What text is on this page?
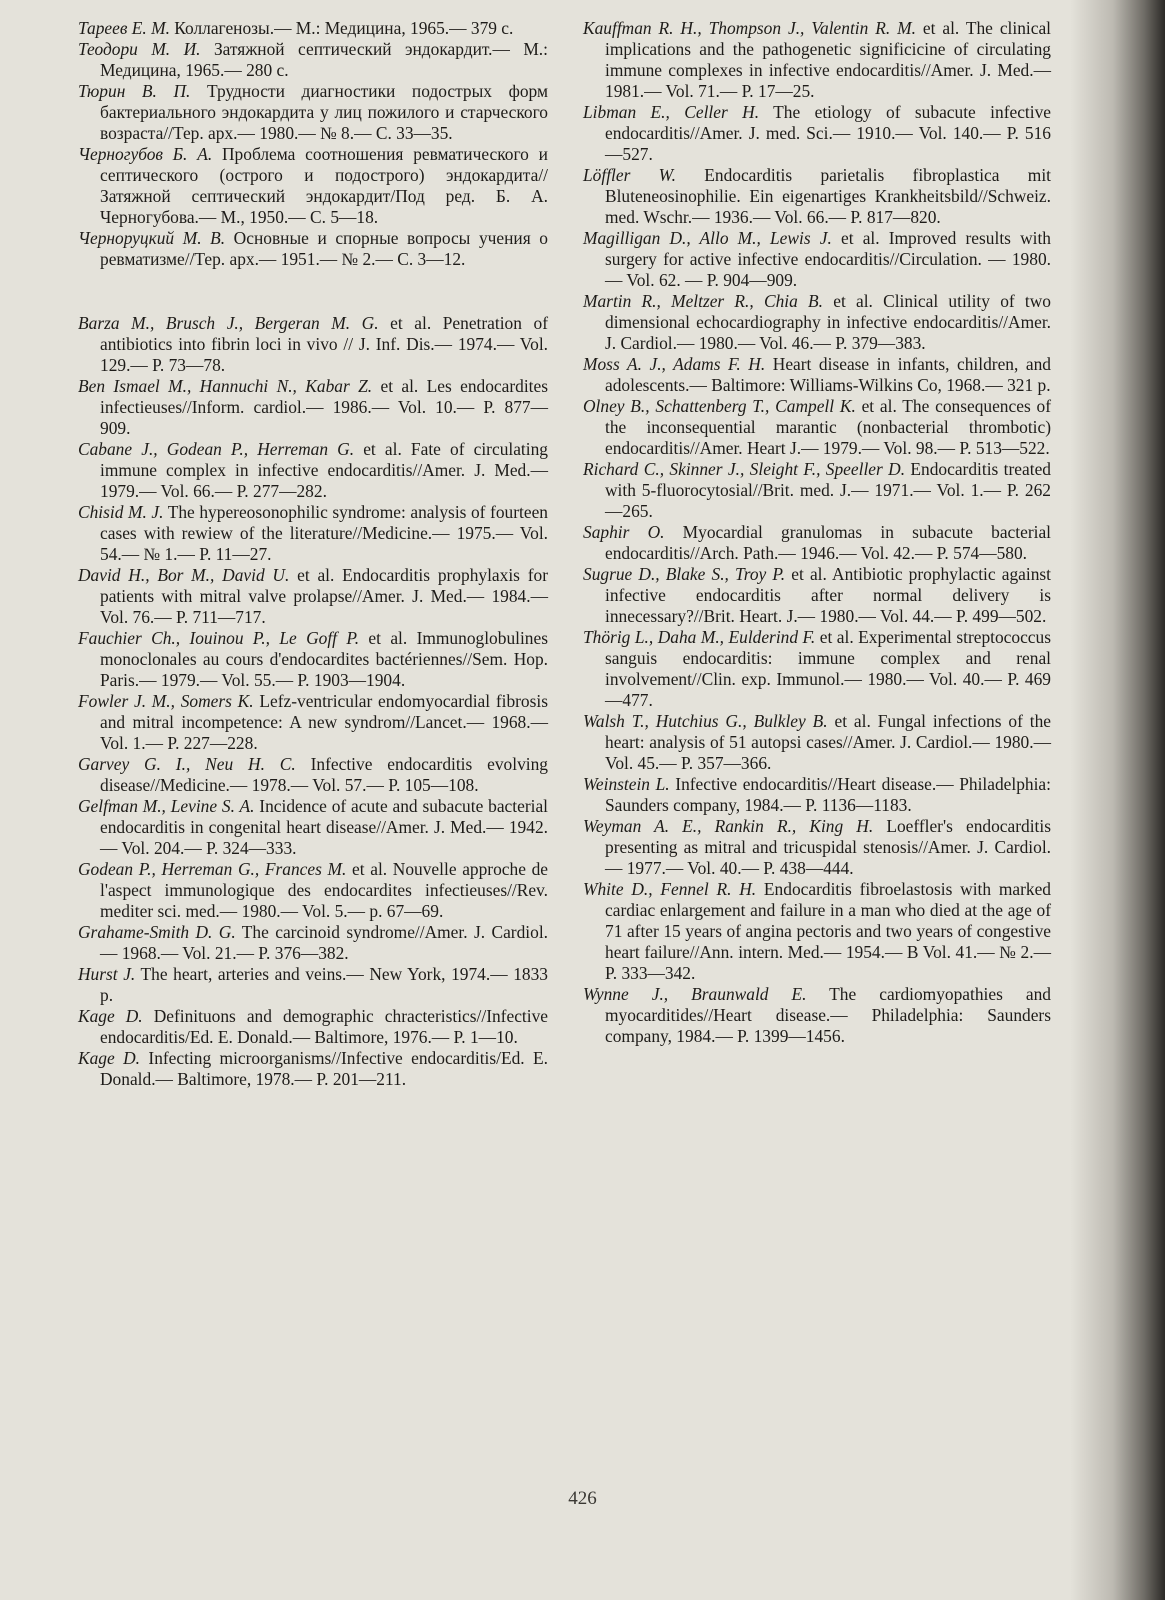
Тареев Е. М. Коллагенозы.— М.: Медицина, 1965.— 379 с.

Теодори М. И. Затяжной септический эндокардит.— М.: Медицина, 1965.— 280 с.

Тюрин В. П. Трудности диагностики подострых форм бактериального эндокардита у лиц пожилого и старческого возраста//Тер. арх.— 1980.— № 8.— С. 33—35.

Черногубов Б. А. Проблема соотношения ревматического и септического (острого и подострого) эндокардита//Затяжной септический эндокардит/Под ред. Б. А. Черногубова.— М., 1950.— С. 5—18.

Черноруцкий М. В. Основные и спорные вопросы учения о ревматизме//Тер. арх.— 1951.— № 2.— С. 3—12.

Barza M., Brusch J., Bergeran M. G. et al. Penetration of antibiotics into fibrin loci in vivo // J. Inf. Dis.— 1974.— Vol. 129.— P. 73—78.

Ben Ismael M., Hannuchi N., Kabar Z. et al. Les endocardites infectieuses//Inform. cardiol.— 1986.— Vol. 10.— P. 877—909.

Cabane J., Godean P., Herreman G. et al. Fate of circulating immune complex in infective endocarditis//Amer. J. Med.— 1979.— Vol. 66.— P. 277—282.

Chisid M. J. The hypereosonophilic syndrome: analysis of fourteen cases with rewiew of the literature//Medicine.— 1975.— Vol. 54.— № 1.— P. 11—27.

David H., Bor M., David U. et al. Endocarditis prophylaxis for patients with mitral valve prolapse//Amer. J. Med.— 1984.— Vol. 76.— P. 711—717.

Fauchier Ch., Iouinou P., Le Goff P. et al. Immunoglobulines monoclonales au cours d'endocardites bactériennes//Sem. Hop. Paris.— 1979.— Vol. 55.— P. 1903—1904.

Fowler J. M., Somers K. Lefz-ventricular endomyocardial fibrosis and mitral incompetence: A new syndrom//Lancet.— 1968.— Vol. 1.— P. 227—228.

Garvey G. I., Neu H. C. Infective endocarditis evolving disease//Medicine.— 1978.— Vol. 57.— P. 105—108.

Gelfman M., Levine S. A. Incidence of acute and subacute bacterial endocarditis in congenital heart disease//Amer. J. Med.— 1942.— Vol. 204.— P. 324—333.

Godean P., Herreman G., Frances M. et al. Nouvelle approche de l'aspect immunologique des endocardites infectieuses//Rev. mediter sci. med.— 1980.— Vol. 5.— p. 67—69.

Grahame-Smith D. G. The carcinoid syndrome//Amer. J. Cardiol.— 1968.— Vol. 21.— P. 376—382.

Hurst J. The heart, arteries and veins.— New York, 1974.— 1833 p.

Kage D. Definituons and demographic chracteristics//Infective endocarditis/Ed. E. Donald.— Baltimore, 1976.— P. 1—10.

Kage D. Infecting microorganisms//Infective endocarditis/Ed. E. Donald.— Baltimore, 1978.— P. 201—211.

Kauffman R. H., Thompson J., Valentin R. M. et al. The clinical implications and the pathogenetic significicine of circulating immune complexes in infective endocarditis//Amer. J. Med.— 1981.— Vol. 71.— P. 17—25.

Libman E., Celler H. The etiology of subacute infective endocarditis//Amer. J. med. Sci.— 1910.— Vol. 140.— P. 516—527.

Löffler W. Endocarditis parietalis fibroplastica mit Bluteneosinophilie. Ein eigenartiges Krankheitsbild//Schweiz. med. Wschr.— 1936.— Vol. 66.— P. 817—820.

Magilligan D., Allo M., Lewis J. et al. Improved results with surgery for active infective endocarditis//Circulation. — 1980. — Vol. 62. — P. 904—909.

Martin R., Meltzer R., Chia B. et al. Clinical utility of two dimensional echocardiography in infective endocarditis//Amer. J. Cardiol.— 1980.— Vol. 46.— P. 379—383.

Moss A. J., Adams F. H. Heart disease in infants, children, and adolescents.— Baltimore: Williams-Wilkins Co, 1968.— 321 p.

Olney B., Schattenberg T., Campell K. et al. The consequences of the inconsequential marantic (nonbacterial thrombotic) endocarditis//Amer. Heart J.— 1979.— Vol. 98.— P. 513—522.

Richard C., Skinner J., Sleight F., Speeller D. Endocarditis treated with 5-fluorocytosial//Brit. med. J.— 1971.— Vol. 1.— P. 262—265.

Saphir O. Myocardial granulomas in subacute bacterial endocarditis//Arch. Path.— 1946.— Vol. 42.— P. 574—580.

Sugrue D., Blake S., Troy P. et al. Antibiotic prophylactic against infective endocarditis after normal delivery is innecessary?//Brit. Heart. J.— 1980.— Vol. 44.— P. 499—502.

Thörig L., Daha M., Eulderind F. et al. Experimental streptococcus sanguis endocarditis: immune complex and renal involvement//Clin. exp. Immunol.— 1980.— Vol. 40.— P. 469—477.

Walsh T., Hutchius G., Bulkley B. et al. Fungal infections of the heart: analysis of 51 autopsi cases//Amer. J. Cardiol.— 1980.— Vol. 45.— P. 357—366.

Weinstein L. Infective endocarditis//Heart disease.— Philadelphia: Saunders company, 1984.— P. 1136—1183.

Weyman A. E., Rankin R., King H. Loeffler's endocarditis presenting as mitral and tricuspidal stenosis//Amer. J. Cardiol.— 1977.— Vol. 40.— P. 438—444.

White D., Fennel R. H. Endocarditis fibroelastosis with marked cardiac enlargement and failure in a man who died at the age of 71 after 15 years of angina pectoris and two years of congestive heart failure//Ann. intern. Med.— 1954.— B Vol. 41.— № 2.— P. 333—342.

Wynne J., Braunwald E. The cardiomyopathies and myocarditides//Heart disease.— Philadelphia: Saunders company, 1984.— P. 1399—1456.

426
